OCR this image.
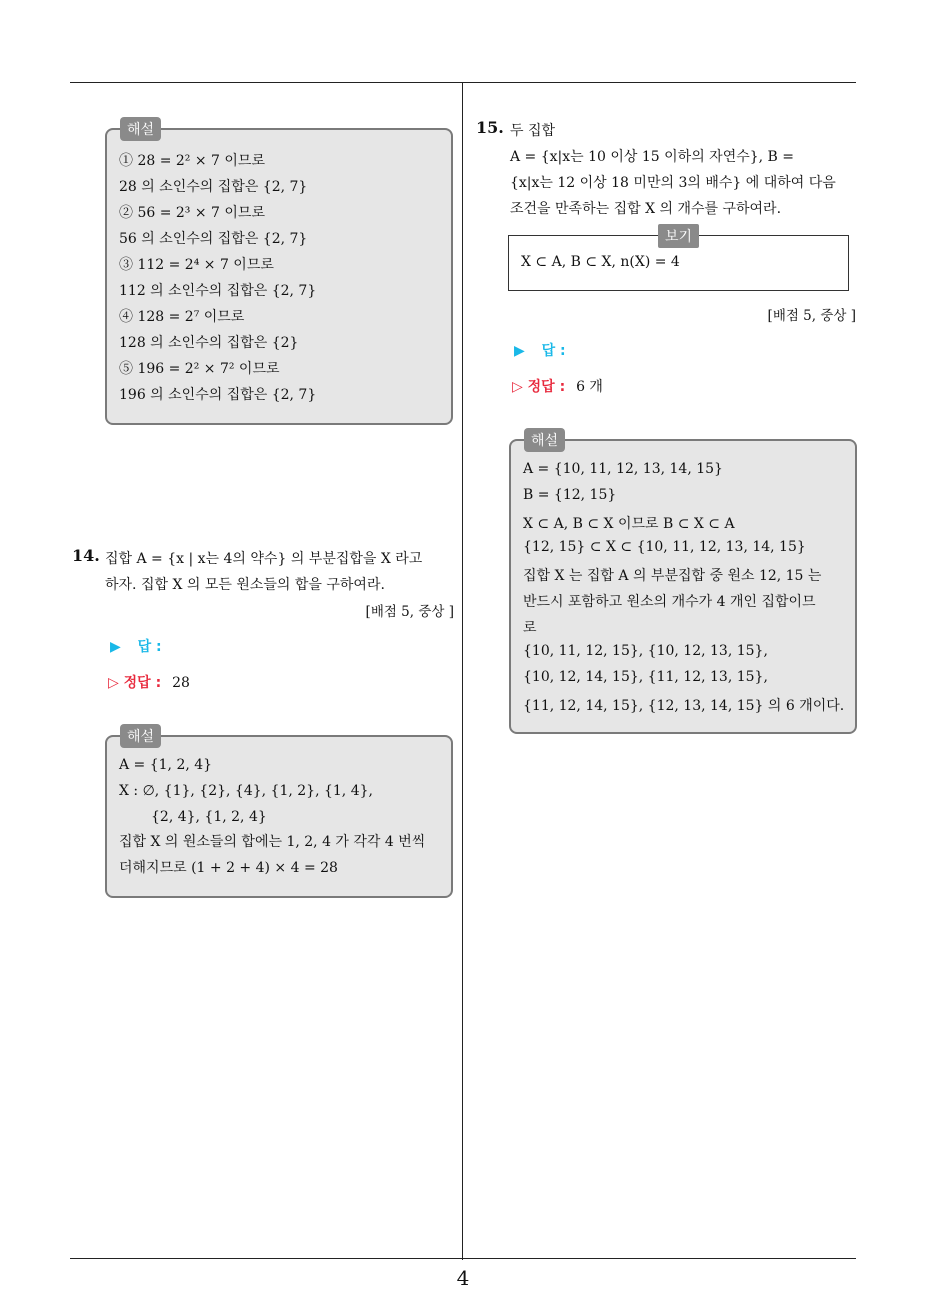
4
① 28 = 2² × 7 이므로
28 의 소인수의 집합은 {2, 7}
② 56 = 2³ × 7 이므로
56 의 소인수의 집합은 {2, 7}
③ 112 = 2⁴ × 7 이므로
112 의 소인수의 집합은 {2, 7}
④ 128 = 2⁷ 이므로
128 의 소인수의 집합은 {2}
⑤ 196 = 2² × 7² 이므로
196 의 소인수의 집합은 {2, 7}
해설
14. 집합 A = {x | x는 4의 약수} 의 부분집합을 X 라고
하자. 집합 X 의 모든 원소들의 합을 구하여라.
[배점 5, 중상 ]
▶ 답 :
▷ 정답 : 28
A = {1, 2, 4}
X : ∅, {1}, {2}, {4}, {1, 2}, {1, 4},
{2, 4}, {1, 2, 4}
집합 X 의 원소들의 합에는 1, 2, 4 가 각각 4 번씩
더해지므로 (1 + 2 + 4) × 4 = 28
해설
15. 두 집합
A = {x|x는 10 이상 15 이하의 자연수}, B =
{x|x는 12 이상 18 미만의 3의 배수} 에 대하여 다음
조건을 만족하는 집합 X 의 개수를 구하여라.
X ⊂ A, B ⊂ X, n(X) = 4
보기
[배점 5, 중상 ]
▶ 답 :
▷ 정답 : 6 개
A = {10, 11, 12, 13, 14, 15}
B = {12, 15}
X ⊂ A, B ⊂ X 이므로 B ⊂ X ⊂ A
{12, 15} ⊂ X ⊂ {10, 11, 12, 13, 14, 15}
집합 X 는 집합 A 의 부분집합 중 원소 12, 15 는
반드시 포함하고 원소의 개수가 4 개인 집합이므
로
{10, 11, 12, 15}, {10, 12, 13, 15},
{10, 12, 14, 15}, {11, 12, 13, 15},
{11, 12, 14, 15}, {12, 13, 14, 15} 의 6 개이다.
해설
